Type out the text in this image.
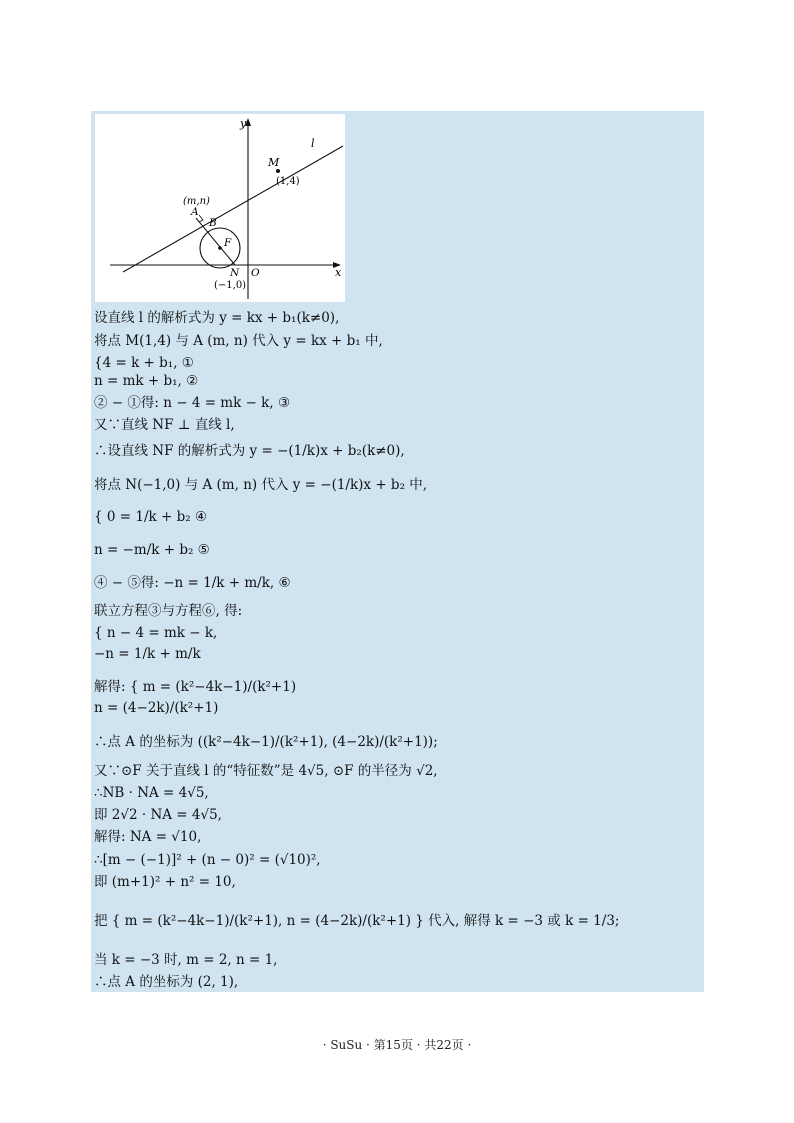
y
x
l
M
(1,4)
(m,n)
A
B
F
N O
(−1,0)
设直线 l 的解析式为 y = kx + b₁(k≠0),
将点 M(1,4) 与 A (m, n) 代入 y = kx + b₁ 中,
{4 = k + b₁, ①
n = mk + b₁, ②
② − ①得: n − 4 = mk − k, ③
又∵直线 NF ⊥ 直线 l,
∴设直线 NF 的解析式为 y = −(1/k)x + b₂(k≠0),
将点 N(−1,0) 与 A (m, n) 代入 y = −(1/k)x + b₂ 中,
{ 0 = 1/k + b₂ ④
n = −m/k + b₂ ⑤
④ − ⑤得: −n = 1/k + m/k, ⑥
联立方程③与方程⑥, 得:
{ n − 4 = mk − k,
−n = 1/k + m/k
解得: { m = (k²−4k−1)/(k²+1)
n = (4−2k)/(k²+1)
∴点 A 的坐标为 ((k²−4k−1)/(k²+1), (4−2k)/(k²+1));
又∵⊙F 关于直线 l 的“特征数”是 4√5, ⊙F 的半径为 √2,
∴NB · NA = 4√5,
即 2√2 · NA = 4√5,
解得: NA = √10,
∴[m − (−1)]² + (n − 0)² = (√10)²,
即 (m+1)² + n² = 10,
把 { m = (k²−4k−1)/(k²+1), n = (4−2k)/(k²+1) } 代入, 解得 k = −3 或 k = 1/3;
当 k = −3 时, m = 2, n = 1,
∴点 A 的坐标为 (2, 1),
· SuSu · 第15页 · 共22页 ·
